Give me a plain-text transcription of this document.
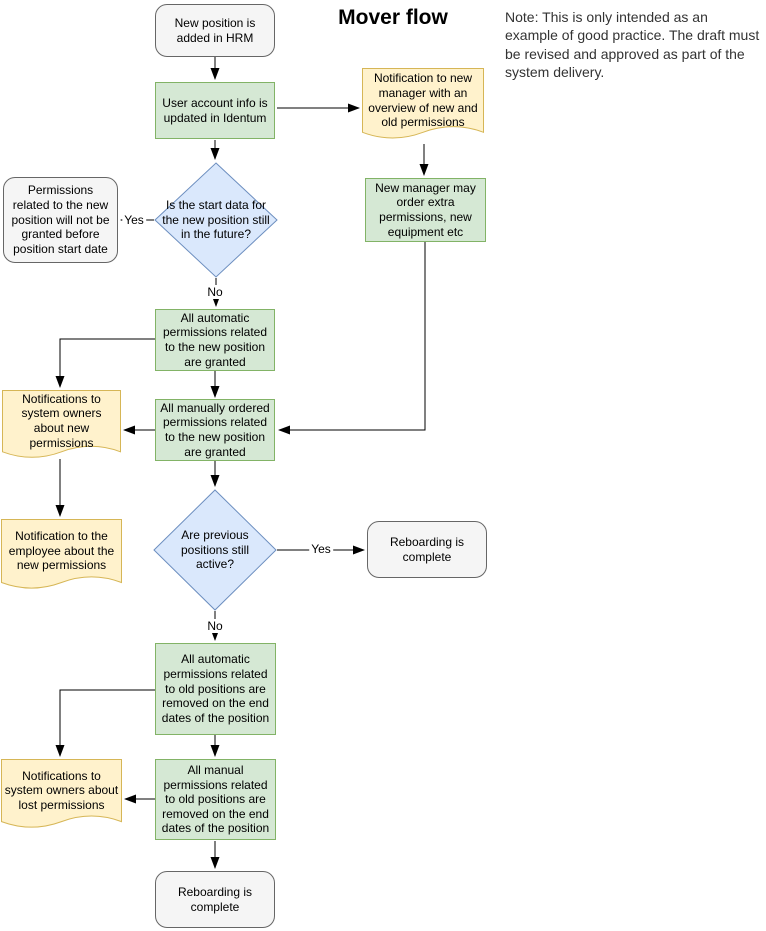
Mover flow	Note: This is only intended as an example of good practice. The draft must be revised and approved as part of the system delivery.
New position is added in HRM
User account info is updated in Identum
Notification to new manager with an overview of new and old permissions
New manager may order extra permissions, new equipment etc
Is the start data for the new position still in the future?
Permissions related to the new position will not be granted before position start date
All automatic permissions related to the new position are granted
All manually ordered permissions related to the new position are granted
Notifications to system owners about new permissions
Notification to the employee about the new permissions
Are previous positions still active?
Reboarding is complete
All automatic permissions related to old positions are removed on the end dates of the position
Notifications to system owners about lost permissions
All manual permissions related to old positions are removed on the end dates of the position
Reboarding is complete
Yes
No
Yes
No
